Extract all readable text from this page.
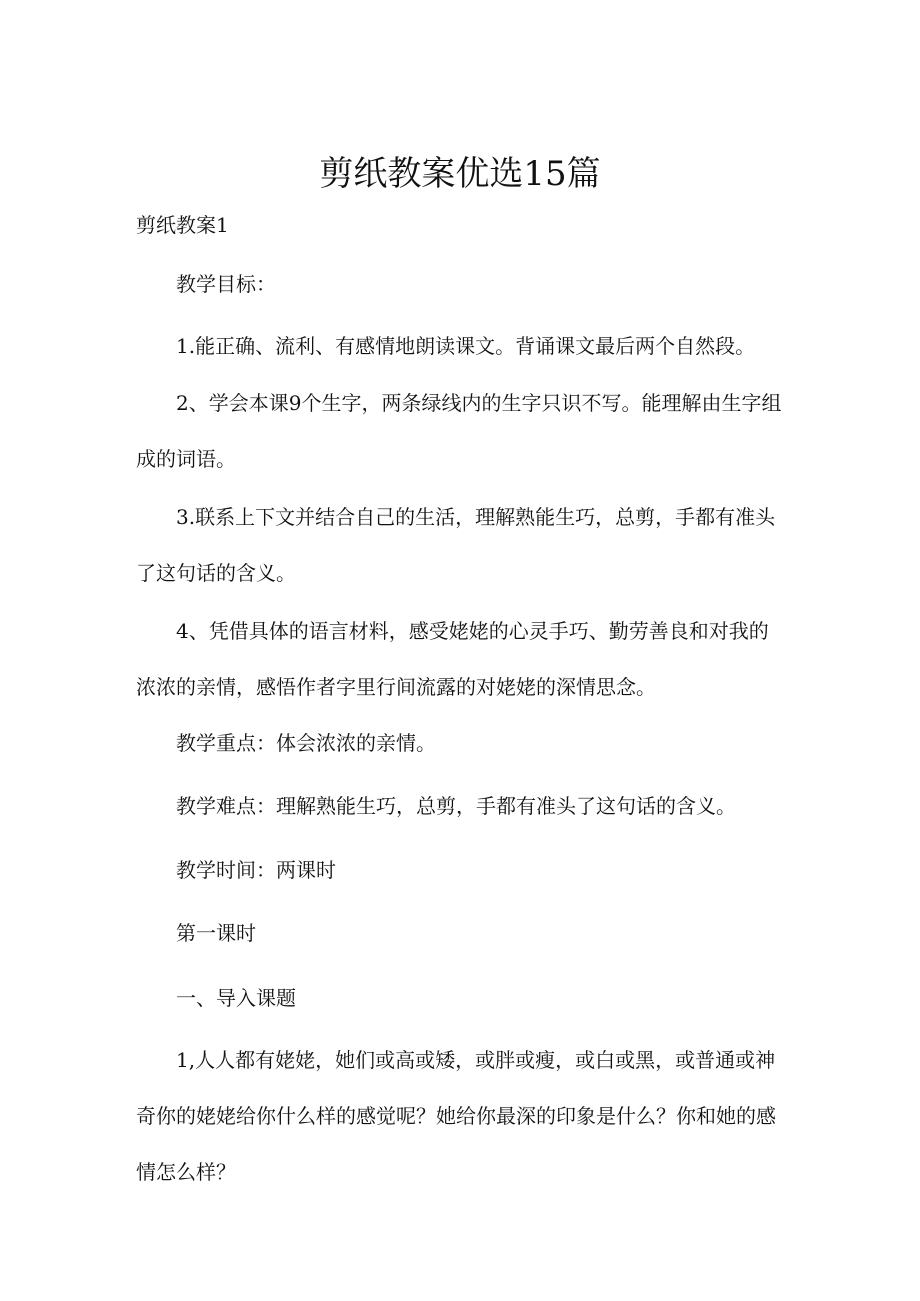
剪纸教案优选15篇
剪纸教案1

教学目标：

1.能正确、流利、有感情地朗读课文。背诵课文最后两个自然段。

2、学会本课9个生字，两条绿线内的生字只识不写。能理解由生字组成的词语。

3.联系上下文并结合自己的生活，理解熟能生巧，总剪，手都有准头了这句话的含义。

4、凭借具体的语言材料，感受姥姥的心灵手巧、勤劳善良和对我的浓浓的亲情，感悟作者字里行间流露的对姥姥的深情思念。

教学重点：体会浓浓的亲情。

教学难点：理解熟能生巧，总剪，手都有准头了这句话的含义。

教学时间：两课时

第一课时

一、导入课题

1,人人都有姥姥，她们或高或矮，或胖或瘦，或白或黑，或普通或神奇你的姥姥给你什么样的感觉呢？她给你最深的印象是什么？你和她的感情怎么样？
